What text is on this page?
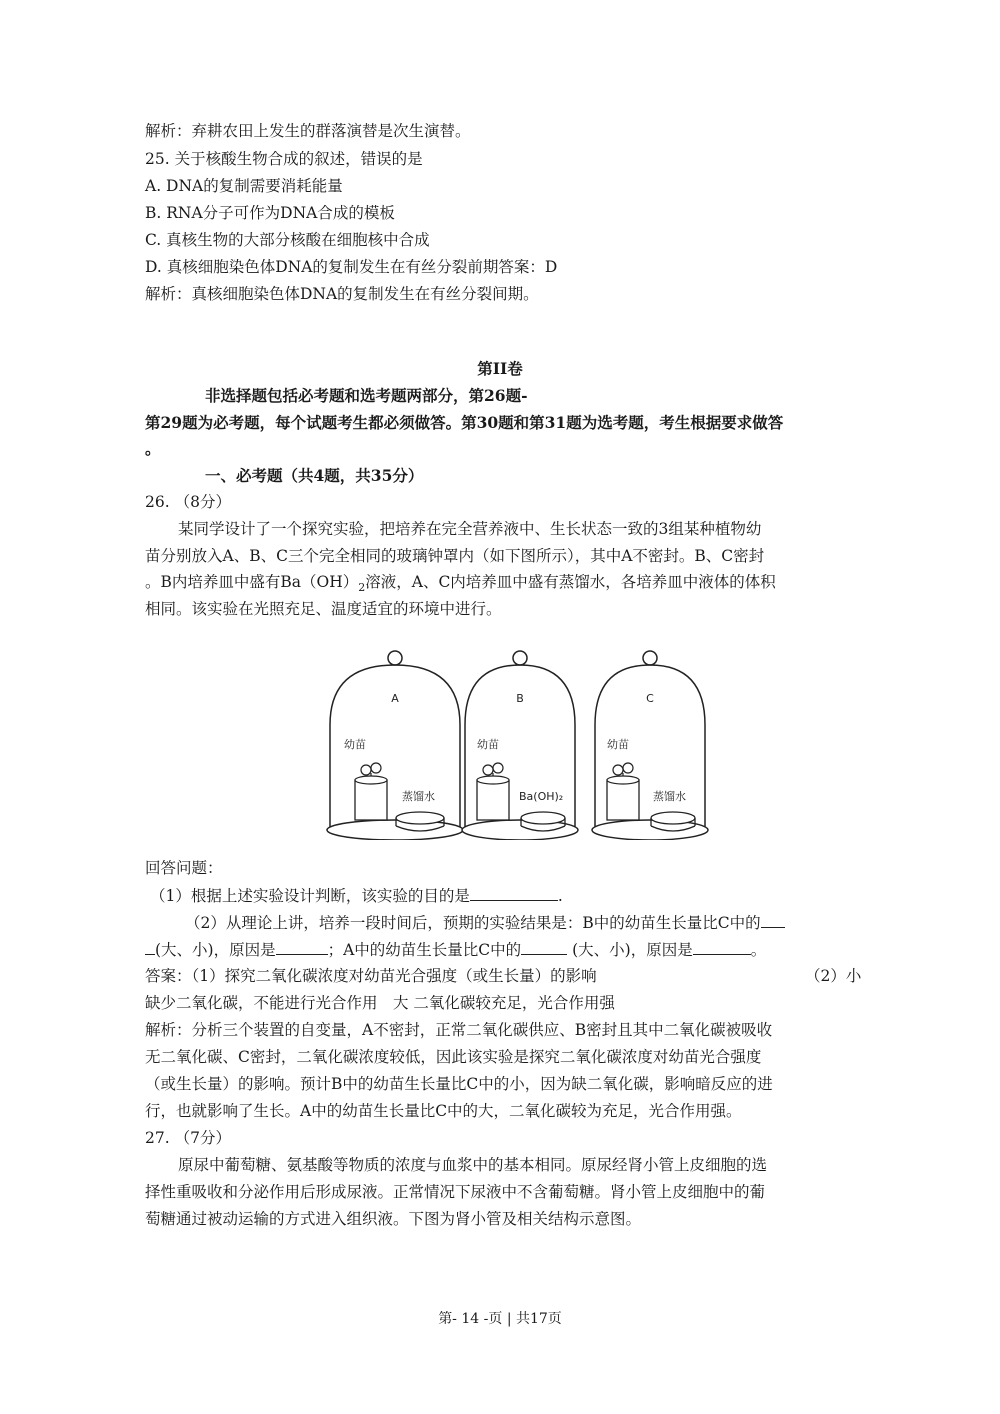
解析：弃耕农田上发生的群落演替是次生演替。
25. 关于核酸生物合成的叙述，错误的是
A. DNA的复制需要消耗能量
B. RNA分子可作为DNA合成的模板
C. 真核生物的大部分核酸在细胞核中合成
D. 真核细胞染色体DNA的复制发生在有丝分裂前期答案：D
解析：真核细胞染色体DNA的复制发生在有丝分裂间期。
第II卷
非选择题包括必考题和选考题两部分，第26题-
第29题为必考题，每个试题考生都必须做答。第30题和第31题为选考题，考生根据要求做答
。
一、必考题（共4题，共35分）
26. （8分）
某同学设计了一个探究实验，把培养在完全营养液中、生长状态一致的3组某种植物幼
苗分别放入A、B、C三个完全相同的玻璃钟罩内（如下图所示），其中A不密封。B、C密封
。B内培养皿中盛有$Ba(OH)_2$溶液，A、C内培养皿中盛有蒸馏水，各培养皿中液体的体积
相同。该实验在光照充足、温度适宜的环境中进行。
A
幼苗
蒸馏水
B
幼苗
Ba(OH)₂
C
幼苗
蒸馏水
回答问题：
（1）根据上述实验设计判断，该实验的目的是	.
（2）从理论上讲，培养一段时间后，预期的实验结果是：B中的幼苗生长量比C中的
(大、小)，原因是	；A中的幼苗生长量比C中的	(大、小)，原因是	。
答案：（1）探究二氧化碳浓度对幼苗光合强度（或生长量）的影响	（2）小
缺少二氧化碳，不能进行光合作用　大 二氧化碳较充足，光合作用强
解析：分析三个装置的自变量，A不密封，正常二氧化碳供应、B密封且其中二氧化碳被吸收
无二氧化碳、C密封，二氧化碳浓度较低，因此该实验是探究二氧化碳浓度对幼苗光合强度
（或生长量）的影响。预计B中的幼苗生长量比C中的小，因为缺二氧化碳，影响暗反应的进
行，也就影响了生长。A中的幼苗生长量比C中的大，二氧化碳较为充足，光合作用强。
27. （7分）
原尿中葡萄糖、氨基酸等物质的浓度与血浆中的基本相同。原尿经肾小管上皮细胞的选
择性重吸收和分泌作用后形成尿液。正常情况下尿液中不含葡萄糖。肾小管上皮细胞中的葡
萄糖通过被动运输的方式进入组织液。下图为肾小管及相关结构示意图。
第- 14 -页 | 共17页
